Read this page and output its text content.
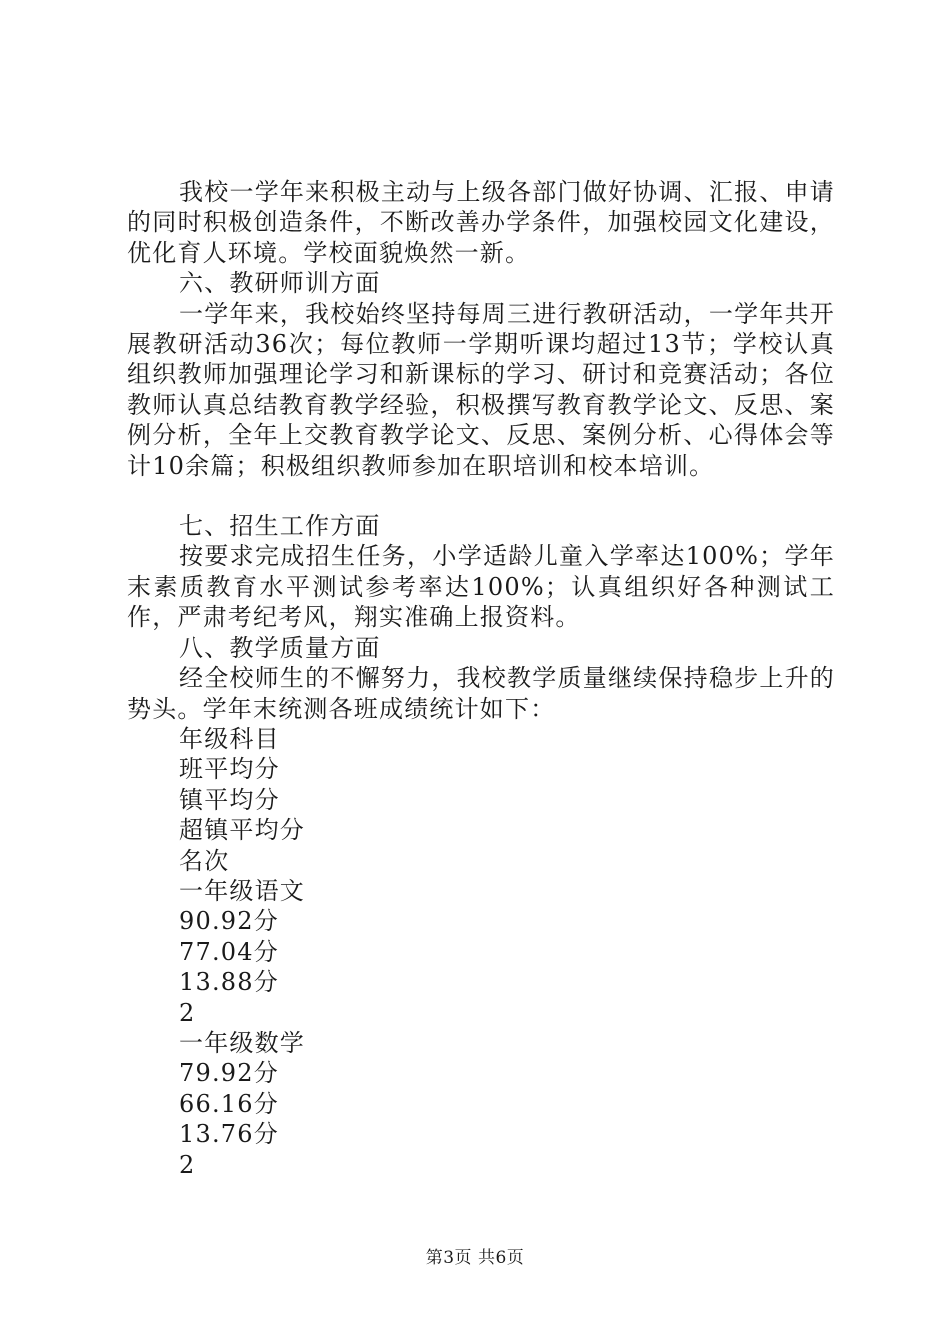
我校一学年来积极主动与上级各部门做好协调、汇报、申请的同时积极创造条件，不断改善办学条件，加强校园文化建设，优化育人环境。学校面貌焕然一新。

六、教研师训方面

一学年来，我校始终坚持每周三进行教研活动，一学年共开展教研活动36次；每位教师一学期听课均超过13节；学校认真组织教师加强理论学习和新课标的学习、研讨和竞赛活动；各位教师认真总结教育教学经验，积极撰写教育教学论文、反思、案例分析，全年上交教育教学论文、反思、案例分析、心得体会等计10余篇；积极组织教师参加在职培训和校本培训。

七、招生工作方面

按要求完成招生任务，小学适龄儿童入学率达100%；学年末素质教育水平测试参考率达100%；认真组织好各种测试工作，严肃考纪考风，翔实准确上报资料。

八、教学质量方面

经全校师生的不懈努力，我校教学质量继续保持稳步上升的势头。学年末统测各班成绩统计如下：

年级科目

班平均分

镇平均分

超镇平均分

名次

一年级语文

90.92分

77.04分

13.88分

2

一年级数学

79.92分

66.16分

13.76分

2

第3页 共6页
